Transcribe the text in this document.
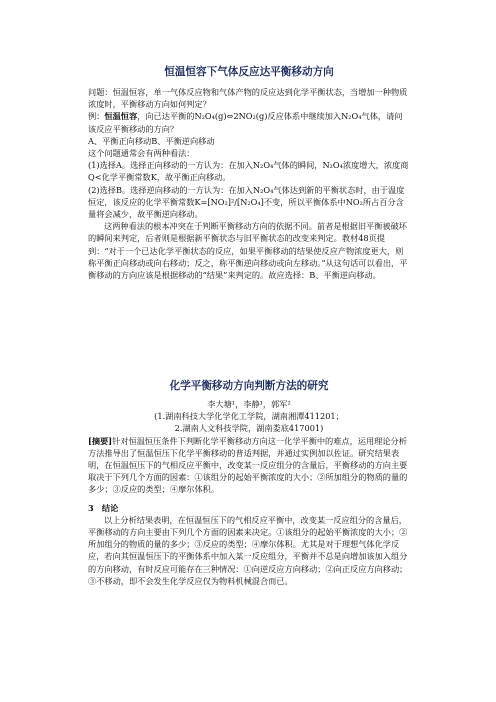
恒温恒容下气体反应达平衡移动方向

问题：恒温恒容，单一气体反应物和气体产物的反应达到化学平衡状态，当增加一种物质浓度时，平衡移动方向如何判定？

例：恒温恒容，向已达平衡的N₂O₄(g)⇔2NO₂(g)反应体系中继续加入N₂O₄气体，请问该反应平衡移动的方向？

A、平衡正向移动B、平衡逆向移动

这个问题通常会有两种看法：

(1)选择A。选择正向移动的一方认为：在加入N₂O₄气体的瞬间，N₂O₄浓度增大，浓度商Q<化学平衡常数K，故平衡正向移动。

(2)选择B。选择逆向移动的一方认为：在加入N₂O₄气体达到新的平衡状态时，由于温度恒定，该反应的化学平衡常数K=[NO₂]²/[N₂O₄]不变，所以平衡体系中NO₂所占百分含量将会减少，故平衡逆向移动。

这两种看法的根本冲突在于判断平衡移动方向的依据不同。前者是根据旧平衡被破坏的瞬间来判定，后者则是根据新平衡状态与旧平衡状态的改变来判定。教材48页提到：“对于一个已达化学平衡状态的反应，如果平衡移动的结果使反应产物浓度更大，则称平衡正向移动或向右移动；反之，称平衡逆向移动或向左移动。”从这句话可以看出，平衡移动的方向应该是根据移动的“结果”来判定的。故应选择：B、平衡逆向移动。

化学平衡移动方向判断方法的研究

李大塘¹，李静¹，郭军²

(1.湖南科技大学化学化工学院，湖南湘潭411201；

2.湖南人文科技学院，湖南娄底417001)

[摘要]针对恒温恒压条件下判断化学平衡移动方向这一化学平衡中的难点，运用理论分析方法推导出了恒温恒压下化学平衡移动的普适判据，并通过实例加以佐证。研究结果表明，在恒温恒压下的气相反应平衡中，改变某一反应组分的含量后，平衡移动的方向主要取决于下列几个方面的因素：①该组分的起始平衡浓度的大小；②所加组分的物质的量的多少；③反应的类型；④摩尔体积。

3　结论

以上分析结果表明，在恒温恒压下的气相反应平衡中，改变某一反应组分的含量后，平衡移动的方向主要由下列几个方面的因素来决定。①该组分的起始平衡浓度的大小；②所加组分的物质的量的多少；③反应的类型；④摩尔体积。尤其是对于理想气体化学反应，若向其恒温恒压下的平衡体系中加入某一反应组分，平衡并不总是向增加该加入组分的方向移动，有时反应可能存在三种情况：①向逆反应方向移动；②向正反应方向移动；③不移动，即不会发生化学反应仅为物料机械混合而已。
